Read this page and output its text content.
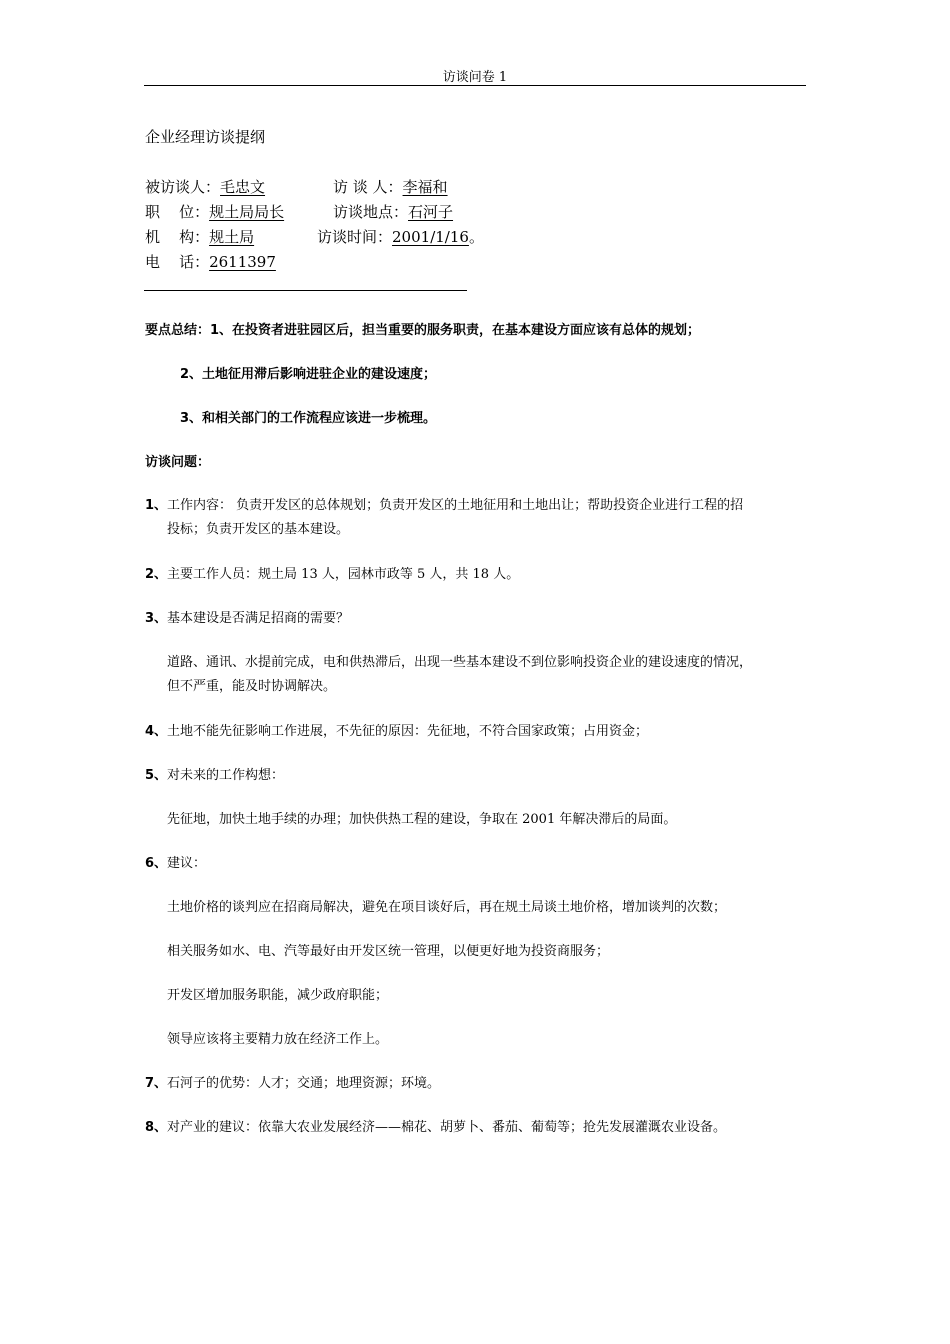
访谈问卷 1
企业经理访谈提纲
被访谈人：毛忠文	访 谈 人：李福和
职    位：规土局局长	访谈地点：石河子
机    构：规土局	访谈时间：2001/1/16。
电    话：2611397
要点总结：1、在投资者进驻园区后，担当重要的服务职责，在基本建设方面应该有总体的规划；
2、土地征用滞后影响进驻企业的建设速度；
3、和相关部门的工作流程应该进一步梳理。
访谈问题：
1、工作内容： 负责开发区的总体规划；负责开发区的土地征用和土地出让；帮助投资企业进行工程的招
投标；负责开发区的基本建设。
2、主要工作人员：规土局 13 人，园林市政等 5 人，共 18 人。
3、基本建设是否满足招商的需要？
道路、通讯、水提前完成，电和供热滞后，出现一些基本建设不到位影响投资企业的建设速度的情况，
但不严重，能及时协调解决。
4、土地不能先征影响工作进展，不先征的原因：先征地，不符合国家政策；占用资金；
5、对未来的工作构想：
先征地，加快土地手续的办理；加快供热工程的建设，争取在 2001 年解决滞后的局面。
6、建议：
土地价格的谈判应在招商局解决，避免在项目谈好后，再在规土局谈土地价格，增加谈判的次数；
相关服务如水、电、汽等最好由开发区统一管理，以便更好地为投资商服务；
开发区增加服务职能，减少政府职能；
领导应该将主要精力放在经济工作上。
7、石河子的优势：人才；交通；地理资源；环境。
8、对产业的建议：依靠大农业发展经济——棉花、胡萝卜、番茄、葡萄等；抢先发展灌溉农业设备。
